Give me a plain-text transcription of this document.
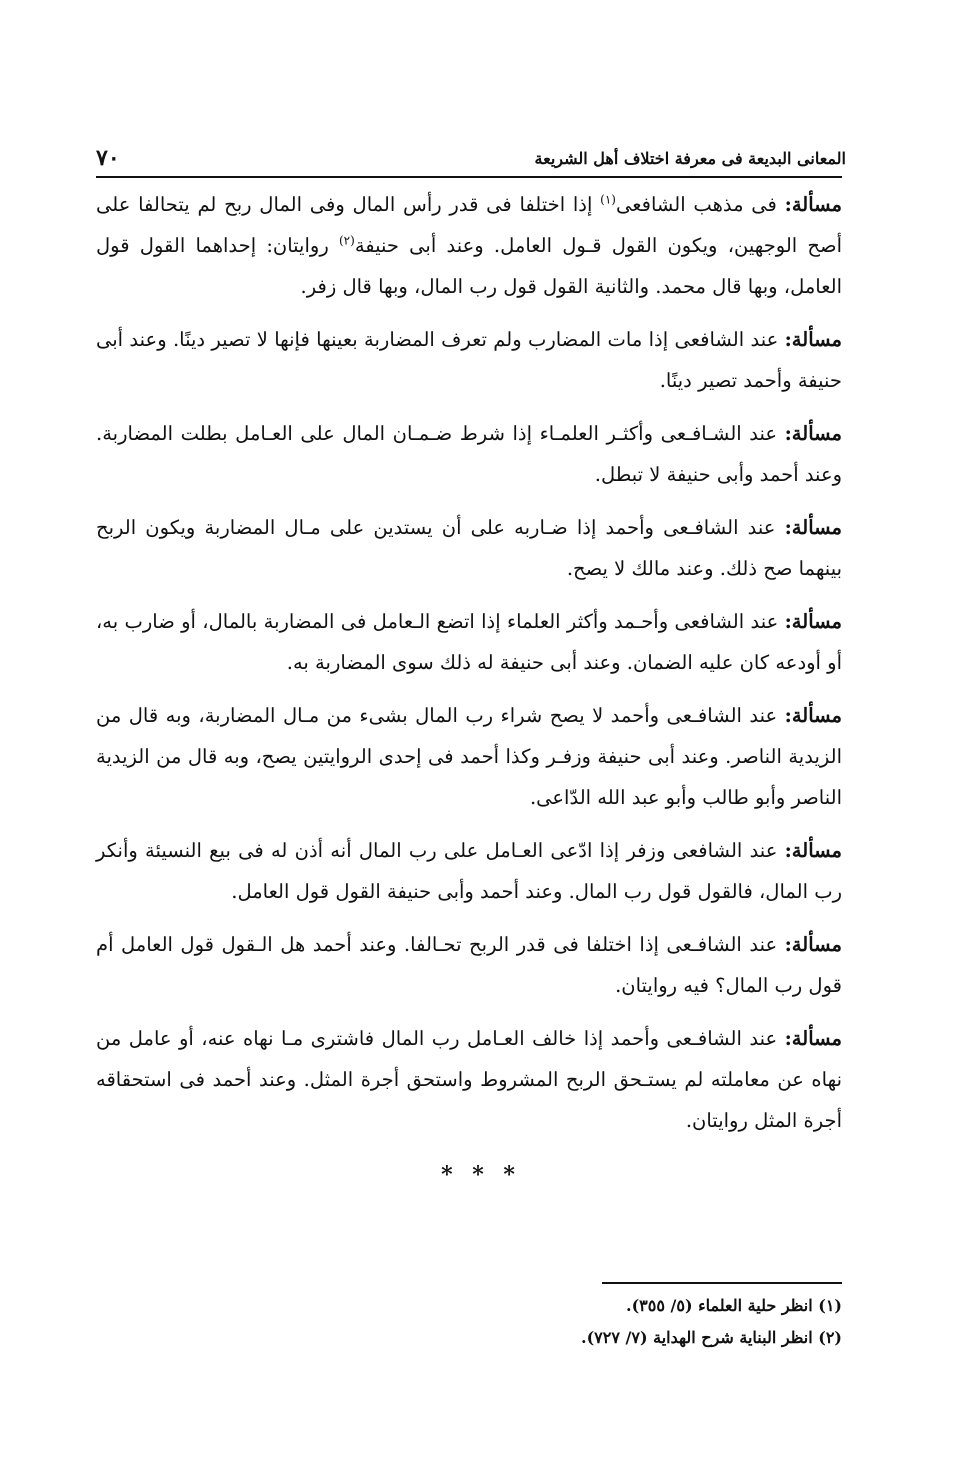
المعانى البديعة فى معرفة اختلاف أهل الشريعة
٧٠

مسألة: فى مذهب الشافعى$^{(١)}$ إذا اختلفا فى قدر رأس المال وفى المال ربح لم يتحالفا على أصح الوجهين، ويكون القول قـول العامل. وعند أبى حنيفة$^{(٢)}$ روايتان: إحداهما القول قول العامل، وبها قال محمد. والثانية القول قول رب المال، وبها قال زفر.

مسألة: عند الشافعى إذا مات المضارب ولم تعرف المضاربة بعينها فإنها لا تصير دينًا. وعند أبى حنيفة وأحمد تصير دينًا.

مسألة: عند الشـافـعى وأكثـر العلمـاء إذا شرط ضـمـان المال على العـامل بطلت المضاربة. وعند أحمد وأبى حنيفة لا تبطل.

مسألة: عند الشافـعى وأحمد إذا ضـاربه على أن يستدين على مـال المضاربة ويكون الربح بينهما صح ذلك. وعند مالك لا يصح.

مسألة: عند الشافعى وأحـمد وأكثر العلماء إذا اتضع الـعامل فى المضاربة بالمال، أو ضارب به، أو أودعه كان عليه الضمان. وعند أبى حنيفة له ذلك سوى المضاربة به.

مسألة: عند الشافـعى وأحمد لا يصح شراء رب المال بشىء من مـال المضاربة، وبه قال من الزيدية الناصر. وعند أبى حنيفة وزفـر وكذا أحمد فى إحدى الروايتين يصح، وبه قال من الزيدية الناصر وأبو طالب وأبو عبد الله الدّاعى.

مسألة: عند الشافعى وزفر إذا ادّعى العـامل على رب المال أنه أذن له فى بيع النسيئة وأنكر رب المال، فالقول قول رب المال. وعند أحمد وأبى حنيفة القول قول العامل.

مسألة: عند الشافـعى إذا اختلفا فى قدر الربح تحـالفا. وعند أحمد هل الـقول قول العامل أم قول رب المال؟ فيه روايتان.

مسألة: عند الشافـعى وأحمد إذا خالف العـامل رب المال فاشترى مـا نهاه عنه، أو عامل من نهاه عن معاملته لم يستـحق الربح المشروط واستحق أجرة المثل. وعند أحمد فى استحقاقه أجرة المثل روايتان.

* * *

(١) انظر حلية العلماء (٥/ ٣٥٥).

(٢) انظر البناية شرح الهداية (٧/ ٧٢٧).
